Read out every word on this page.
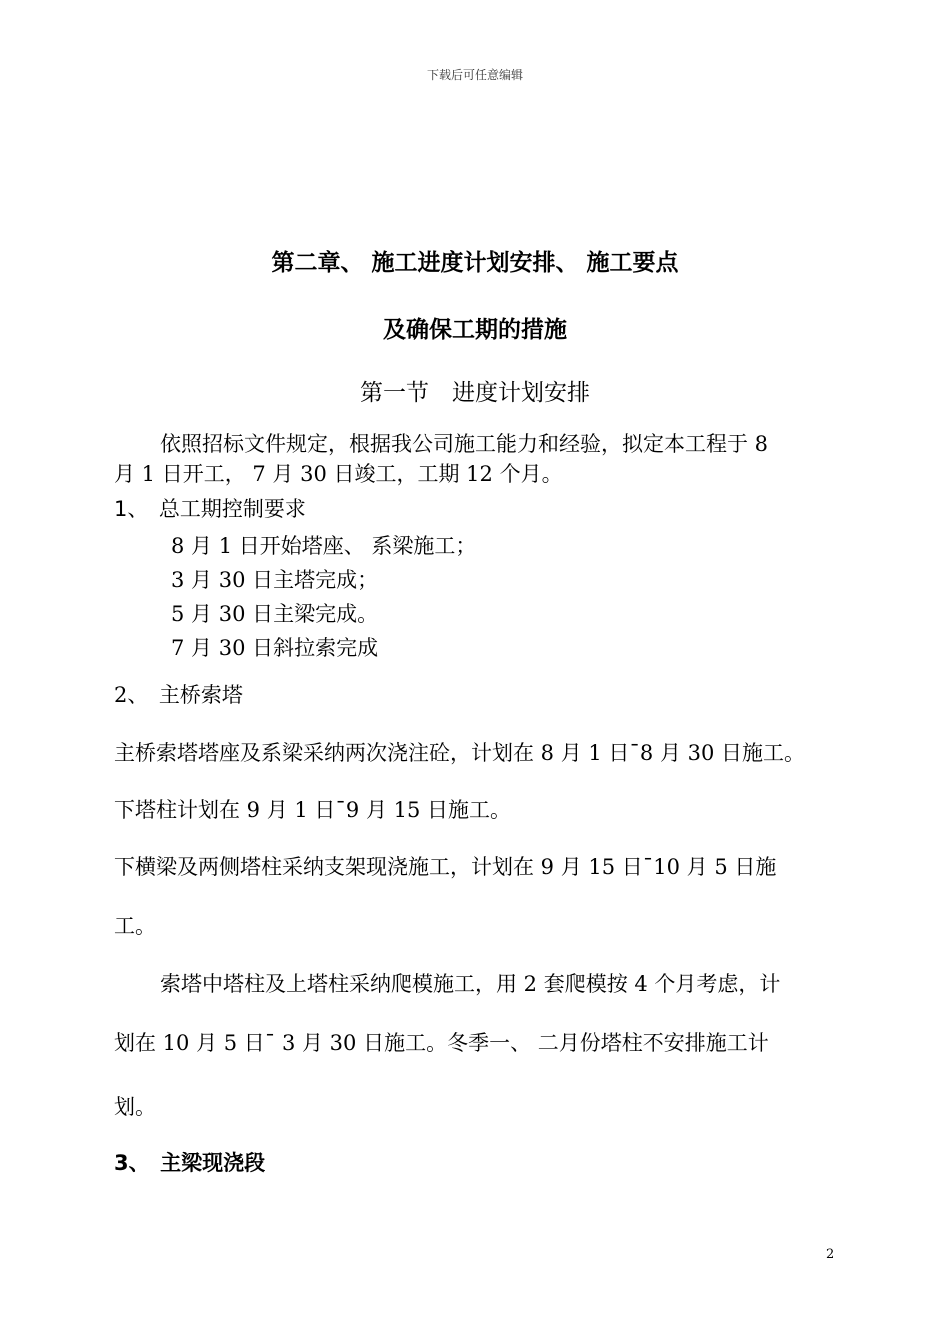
下载后可任意编辑
第二章、 施工进度计划安排、 施工要点
及确保工期的措施
第一节　进度计划安排
依照招标文件规定，根据我公司施工能力和经验，拟定本工程于 8
月 1 日开工， 7 月 30 日竣工，工期 12 个月。
1、　总工期控制要求
8 月 1 日开始塔座、 系梁施工；
3 月 30 日主塔完成；
5 月 30 日主梁完成。
7 月 30 日斜拉索完成
2、　主桥索塔
主桥索塔塔座及系梁采纳两次浇注砼，计划在 8 月 1 日¯8 月 30 日施工。
下塔柱计划在 9 月 1 日¯9 月 15 日施工。
下横梁及两侧塔柱采纳支架现浇施工，计划在 9 月 15 日¯10 月 5 日施
工。
索塔中塔柱及上塔柱采纳爬模施工，用 2 套爬模按 4 个月考虑，计
划在 10 月 5 日¯ 3 月 30 日施工。冬季一、 二月份塔柱不安排施工计
划。
3、　主梁现浇段
2
